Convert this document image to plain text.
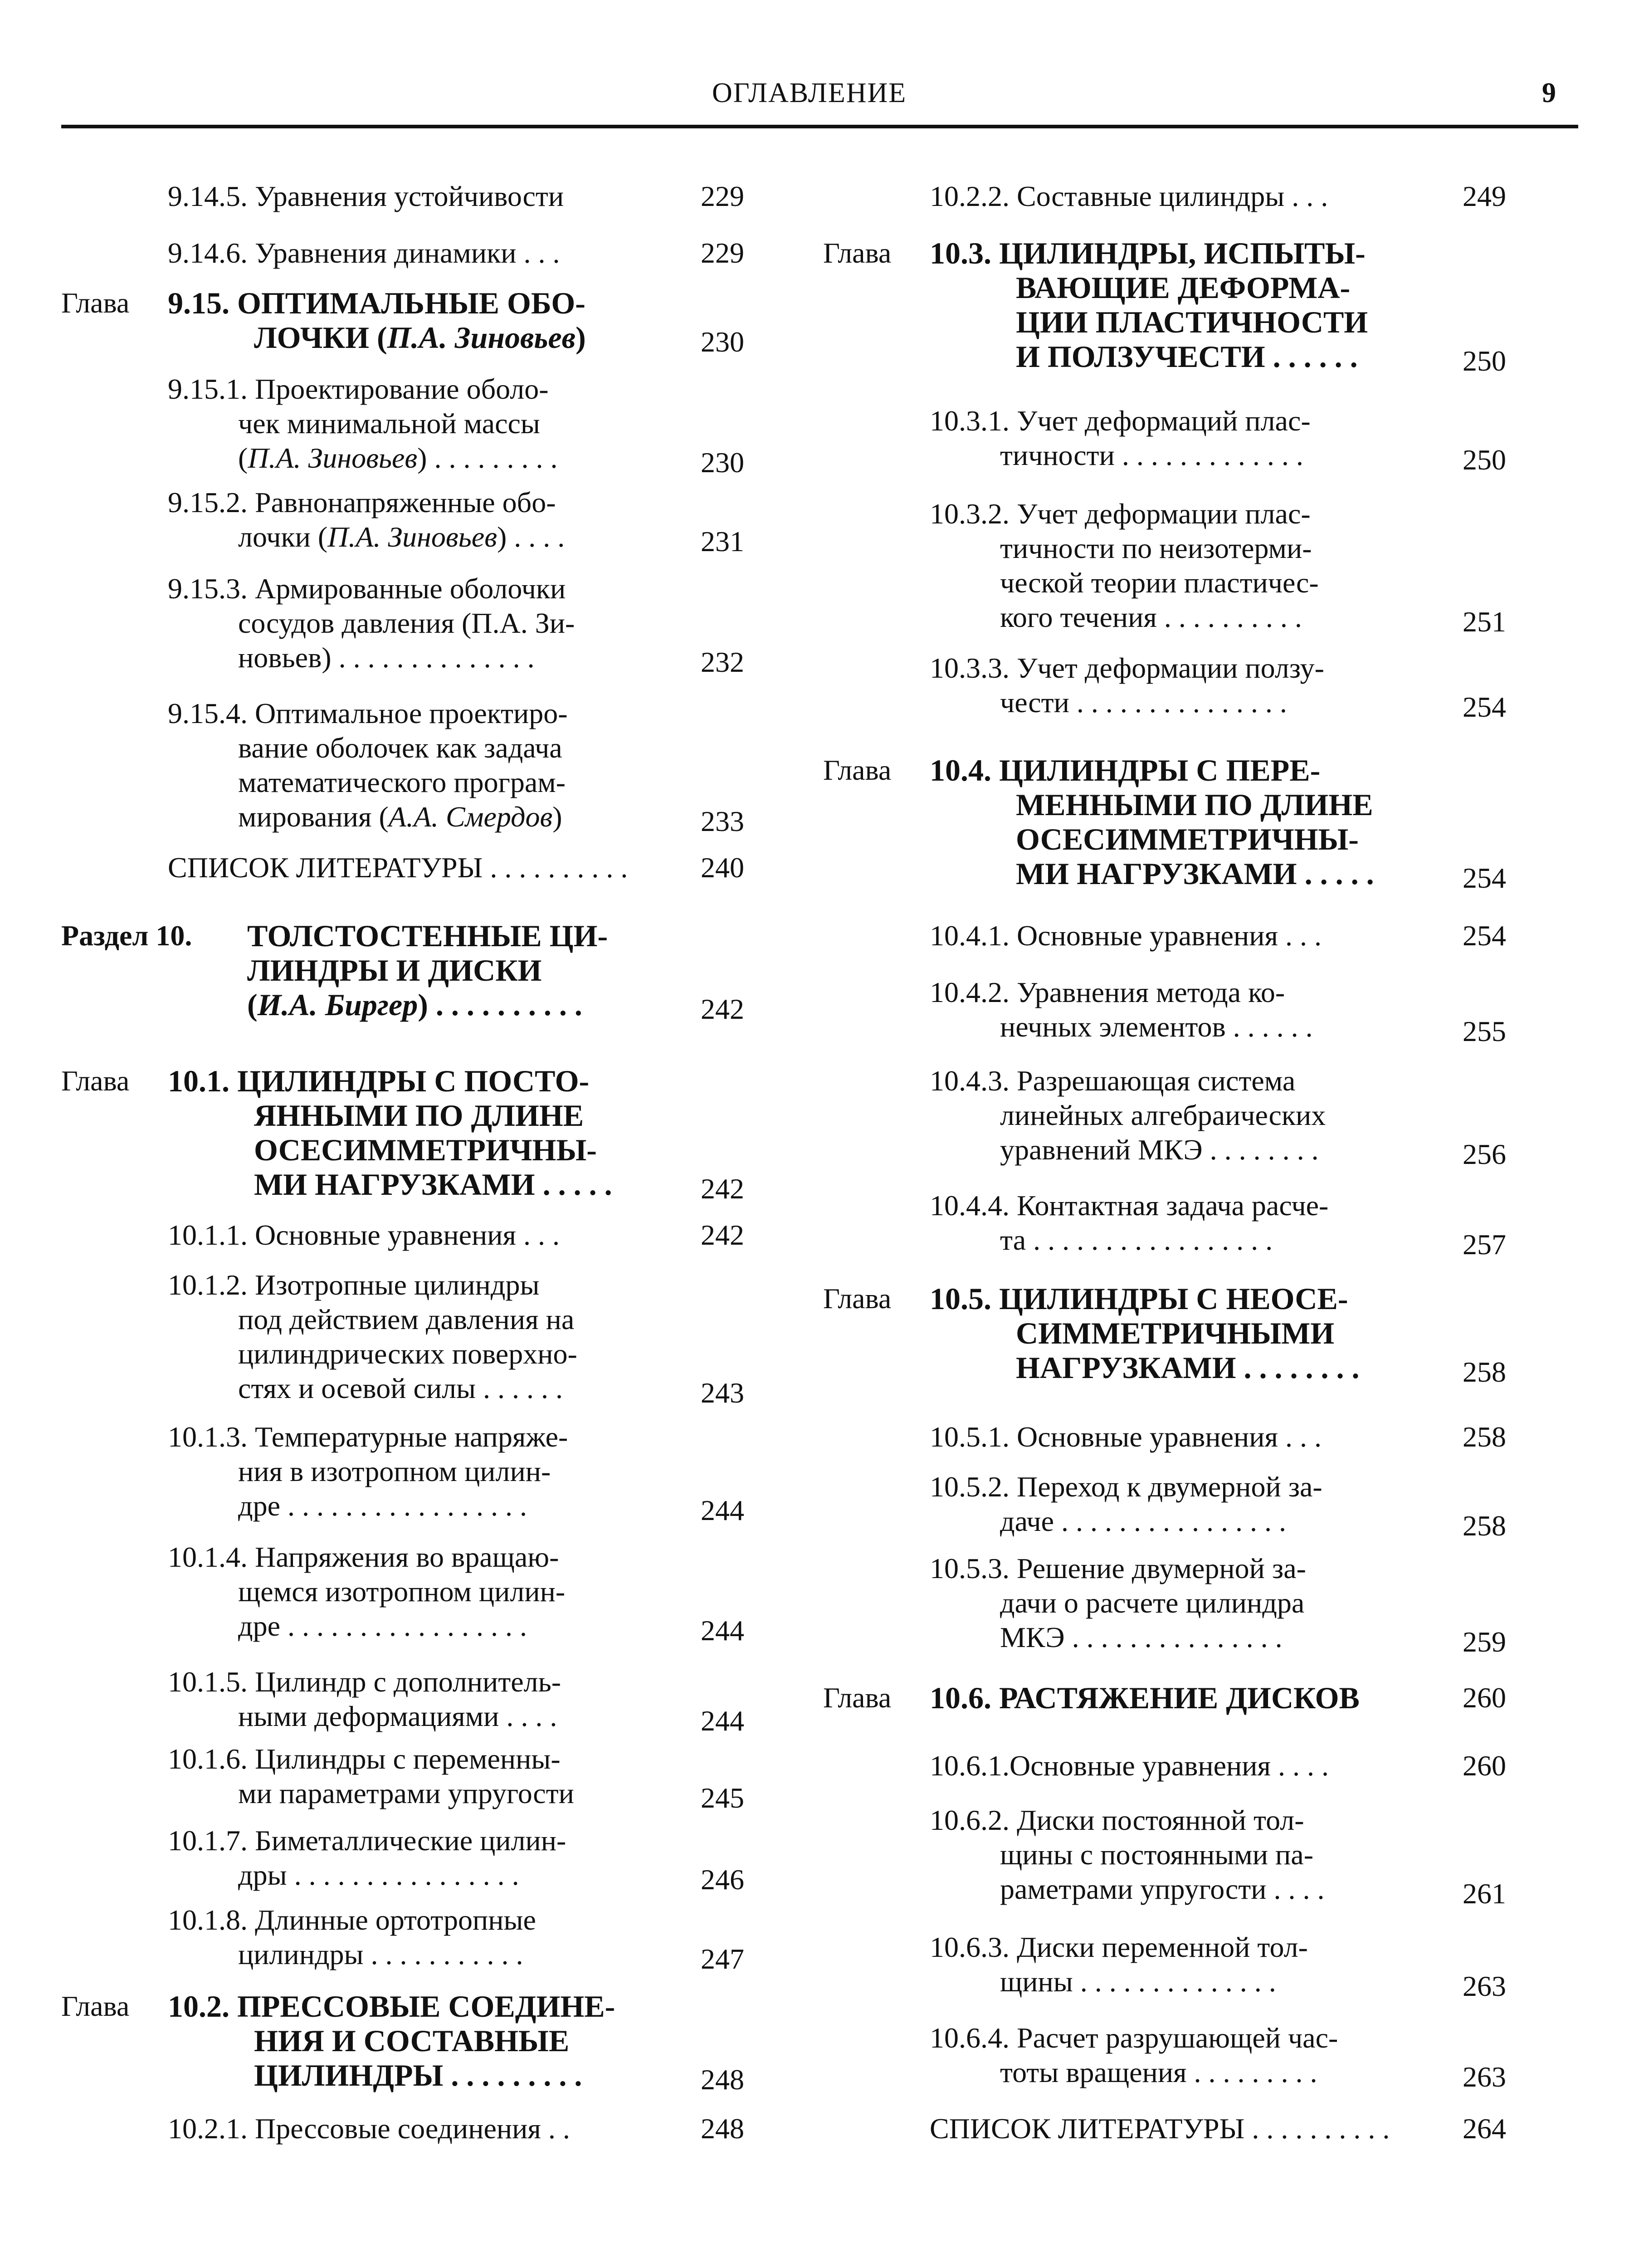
ОГЛАВЛЕНИЕ	9
9.14.5. Уравнения устойчивости	229
9.14.6. Уравнения динамики . . .	229
Глава 9.15. ОПТИМАЛЬНЫЕ ОБО-
ЛОЧКИ (П.А. Зиновьев)	230
9.15.1. Проектирование оболо-
чек минимальной массы
(П.А. Зиновьев) . . . . . . . . .	230
9.15.2. Равнонапряженные обо-
лочки (П.А. Зиновьев) . . . .	231
9.15.3. Армированные оболочки
сосудов давления (П.А. Зи-
новьев) . . . . . . . . . . . . . .	232
9.15.4. Оптимальное проектиро-
вание оболочек как задача
математического програм-
мирования (А.А. Смердов)	233
СПИСОК ЛИТЕРАТУРЫ . . . . . . . . . .	240
Раздел 10. ТОЛСТОСТЕННЫЕ ЦИ-
ЛИНДРЫ И ДИСКИ
(И.А. Биргер) . . . . . . . . . .	242
Глава 10.1. ЦИЛИНДРЫ С ПОСТО-
ЯННЫМИ ПО ДЛИНЕ
ОСЕСИММЕТРИЧНЫ-
МИ НАГРУЗКАМИ . . . . .	242
10.1.1. Основные уравнения . . .	242
10.1.2. Изотропные цилиндры
под действием давления на
цилиндрических поверхно-
стях и осевой силы . . . . . .	243
10.1.3. Температурные напряже-
ния в изотропном цилин-
дре . . . . . . . . . . . . . . . . .	244
10.1.4. Напряжения во вращаю-
щемся изотропном цилин-
дре . . . . . . . . . . . . . . . . .	244
10.1.5. Цилиндр с дополнитель-
ными деформациями . . . .	244
10.1.6. Цилиндры с переменны-
ми параметрами упругости	245
10.1.7. Биметаллические цилин-
дры . . . . . . . . . . . . . . . .	246
10.1.8. Длинные ортотропные
цилиндры . . . . . . . . . . .	247
Глава 10.2. ПРЕССОВЫЕ СОЕДИНЕ-
НИЯ И СОСТАВНЫЕ
ЦИЛИНДРЫ . . . . . . . . .	248
10.2.1. Прессовые соединения . .	248
10.2.2. Составные цилиндры . . .	249
Глава 10.3. ЦИЛИНДРЫ, ИСПЫТЫ-
ВАЮЩИЕ ДЕФОРМА-
ЦИИ ПЛАСТИЧНОСТИ
И ПОЛЗУЧЕСТИ . . . . . .	250
10.3.1. Учет деформаций плас-
тичности . . . . . . . . . . . . .	250
10.3.2. Учет деформации плас-
тичности по неизотерми-
ческой теории пластичес-
кого течения . . . . . . . . . .	251
10.3.3. Учет деформации ползу-
чести . . . . . . . . . . . . . . .	254
Глава 10.4. ЦИЛИНДРЫ С ПЕРЕ-
МЕННЫМИ ПО ДЛИНЕ
ОСЕСИММЕТРИЧНЫ-
МИ НАГРУЗКАМИ . . . . .	254
10.4.1. Основные уравнения . . .	254
10.4.2. Уравнения метода ко-
нечных элементов . . . . . .	255
10.4.3. Разрешающая система
линейных алгебраических
уравнений МКЭ . . . . . . . .	256
10.4.4. Контактная задача расче-
та . . . . . . . . . . . . . . . . .	257
Глава 10.5. ЦИЛИНДРЫ С НЕОСЕ-
СИММЕТРИЧНЫМИ
НАГРУЗКАМИ . . . . . . . .	258
10.5.1. Основные уравнения . . .	258
10.5.2. Переход к двумерной за-
даче . . . . . . . . . . . . . . . .	258
10.5.3. Решение двумерной за-
дачи о расчете цилиндра
МКЭ . . . . . . . . . . . . . . .	259
Глава 10.6. РАСТЯЖЕНИЕ ДИСКОВ	260
10.6.1.Основные уравнения . . . .	260
10.6.2. Диски постоянной тол-
щины с постоянными па-
раметрами упругости . . . .	261
10.6.3. Диски переменной тол-
щины . . . . . . . . . . . . . .	263
10.6.4. Расчет разрушающей час-
тоты вращения . . . . . . . . .	263
СПИСОК ЛИТЕРАТУРЫ . . . . . . . . . .	264
